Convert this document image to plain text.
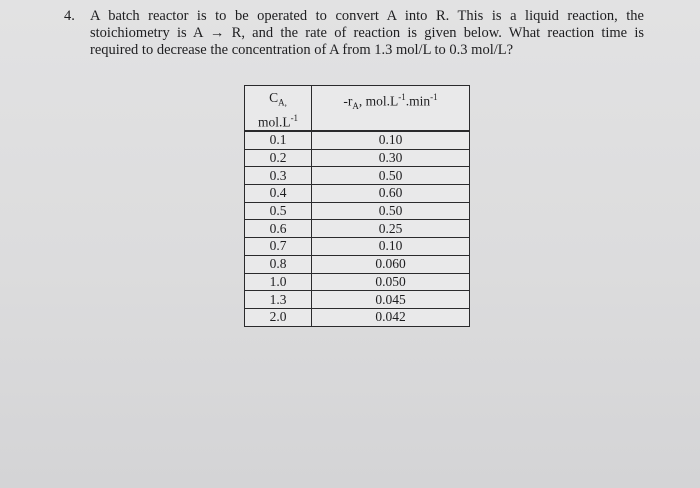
4. A batch reactor is to be operated to convert A into R. This is a liquid reaction, the
stoichiometry is A → R, and the rate of reaction is given below. What reaction time is
required to decrease the concentration of A from 1.3 mol/L to 0.3 mol/L?
$C_{A,}$
$mol.L^{-1}$	$-r_A$, $mol.L^{-1}.\min^{-1}$
0.1	0.10
0.2	0.30
0.3	0.50
0.4	0.60
0.5	0.50
0.6	0.25
0.7	0.10
0.8	0.060
1.0	0.050
1.3	0.045
2.0	0.042
